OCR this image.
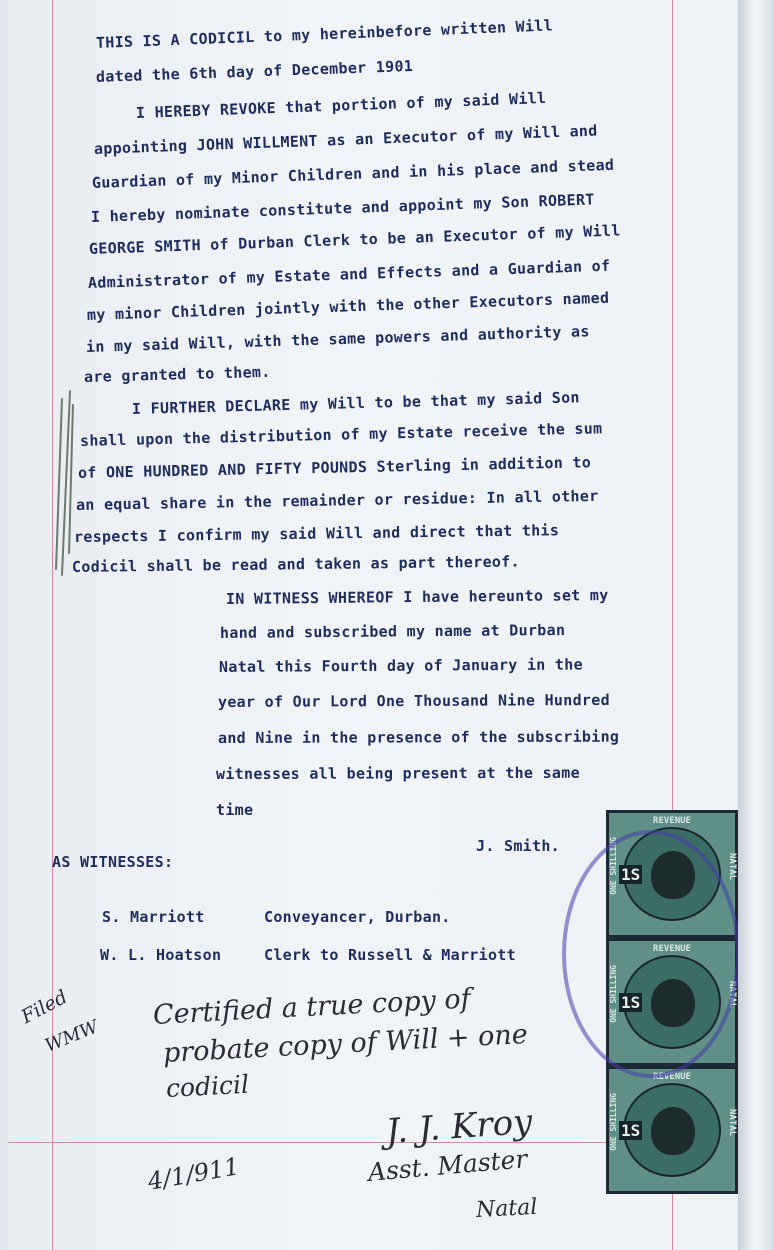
THIS IS A CODICIL to my hereinbefore written Will
dated the 6th day of December 1901
I HEREBY REVOKE that portion of my said Will
appointing JOHN WILLMENT as an Executor of my Will and
Guardian of my Minor Children and in his place and stead
I hereby nominate constitute and appoint my Son ROBERT
GEORGE SMITH of Durban Clerk to be an Executor of my Will
Administrator of my Estate and Effects and a Guardian of
my minor Children jointly with the other Executors named
in my said Will, with the same powers and authority as
are granted to them.
I FURTHER DECLARE my Will to be that my said Son
shall upon the distribution of my Estate receive the sum
of ONE HUNDRED AND FIFTY POUNDS Sterling in addition to
an equal share in the remainder or residue: In all other
respects I confirm my said Will and direct that this
Codicil shall be read and taken as part thereof.
IN WITNESS WHEREOF I have hereunto set my
hand and subscribed my name at Durban
Natal this Fourth day of January in the
year of Our Lord One Thousand Nine Hundred
and Nine in the presence of the subscribing
witnesses all being present at the same
time
J. Smith.
AS WITNESSES:
S. Marriott	Conveyancer, Durban.
W. L. Hoatson	Clerk to Russell & Marriott
Filed
WMW
Certified a true copy of
probate copy of Will + one
codicil
J. J. Kroy
4/1/911	Asst. Master
Natal
REVENUE
1S	NATAL
ONE SHILLING
REVENUE
1S	NATAL
ONE SHILLING
REVENUE
1S	NATAL
ONE SHILLING
